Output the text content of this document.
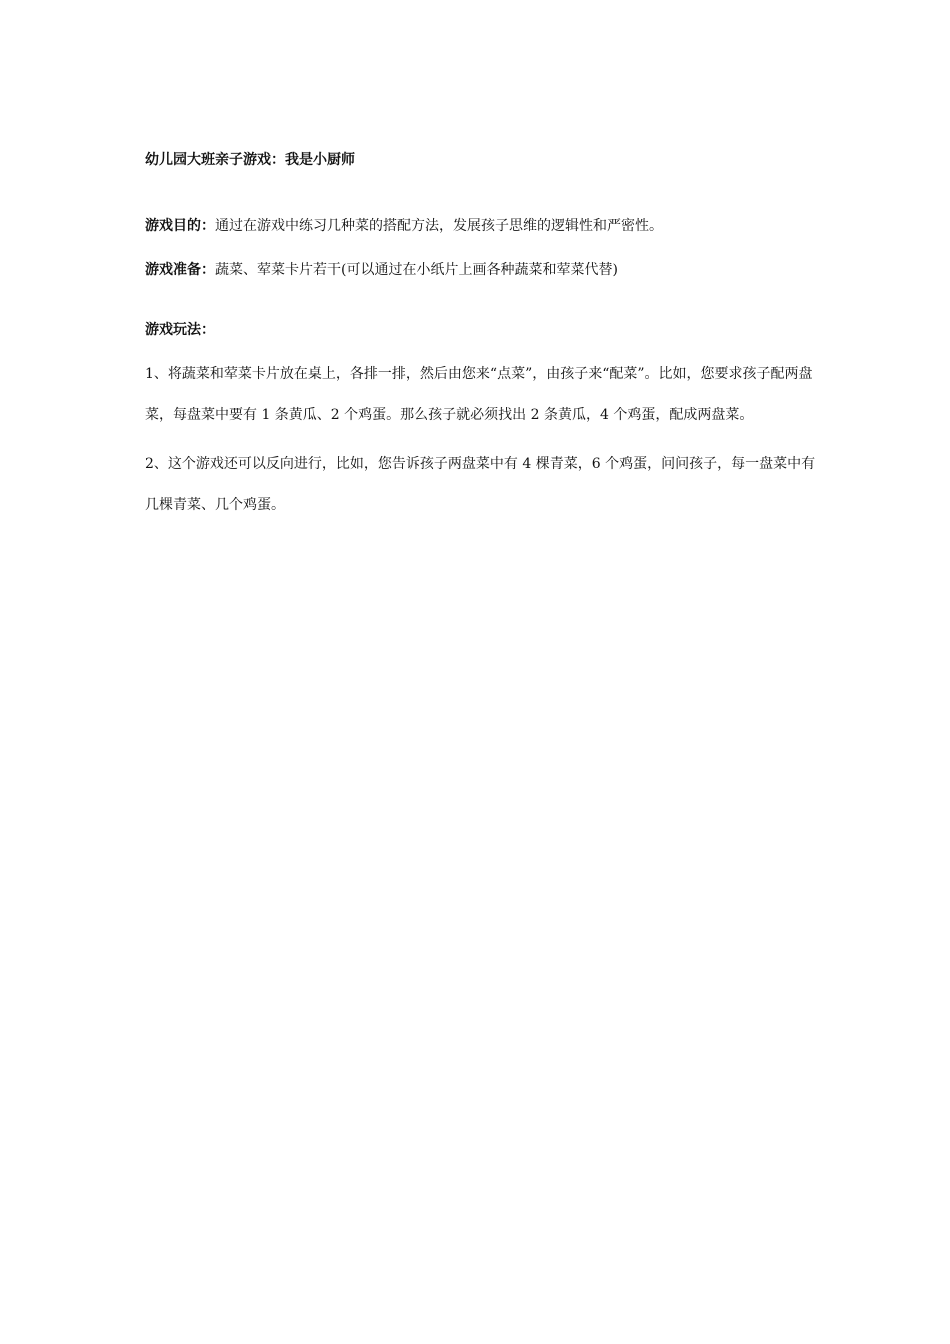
幼儿园大班亲子游戏：我是小厨师

游戏目的：通过在游戏中练习几种菜的搭配方法，发展孩子思维的逻辑性和严密性。

游戏准备：蔬菜、荤菜卡片若干(可以通过在小纸片上画各种蔬菜和荤菜代替)

游戏玩法：

1、将蔬菜和荤菜卡片放在桌上，各排一排，然后由您来“点菜”，由孩子来“配菜”。比如，您要求孩子配两盘菜，每盘菜中要有 1 条黄瓜、2 个鸡蛋。那么孩子就必须找出 2 条黄瓜，4 个鸡蛋，配成两盘菜。

2、这个游戏还可以反向进行，比如，您告诉孩子两盘菜中有 4 棵青菜，6 个鸡蛋，问问孩子，每一盘菜中有几棵青菜、几个鸡蛋。
